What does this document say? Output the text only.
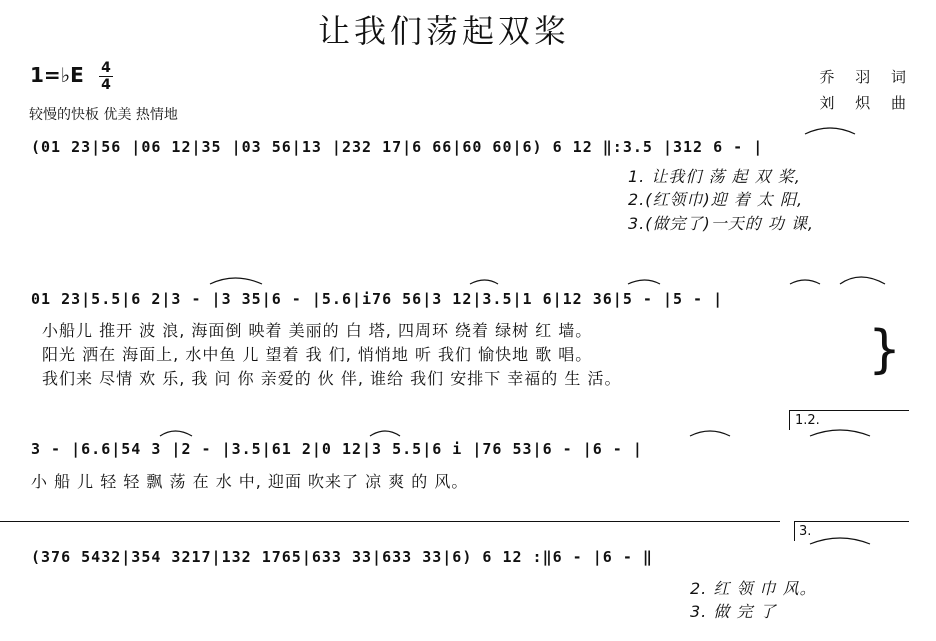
让我们荡起双桨
1=♭E 4
4	乔 羽 词
刘 炽 曲
较慢的快板 优美 热情地
(01 23|56 |06 12|35 |03 56|13 |232 17|6 66|60 60|6) 6 12 ‖:3.5 |312 6 - |
1. 让我们 荡 起 双 桨,
2.(红领巾)迎 着 太 阳,
3.(做完了)一天的 功 课,
01 23|5.5|6 2|3 - |3 35|6 - |5.6|i76 56|3 12|3.5|1 6|12 36|5 - |5 - |
小船儿 推开 波 浪, 海面倒 映着 美丽的 白 塔, 四周环 绕着 绿树 红 墙。
阳光 洒在 海面上, 水中鱼 儿 望着 我 们, 悄悄地 听 我们 愉快地 歌 唱。
我们来 尽情 欢 乐, 我 问 你 亲爱的 伙 伴, 谁给 我们 安排下 幸福的 生 活。	}
1.2.
3 - |6.6|54 3 |2 - |3.5|61 2|0 12|3 5.5|6 i |76 53|6 - |6 - |
小 船 儿 轻 轻 飘 荡 在 水 中, 迎面 吹来了 凉 爽 的 风。
3.
(376 5432|354 3217|132 1765|633 33|633 33|6) 6 12 :‖6 - |6 - ‖
2. 红 领 巾 风。
3. 做 完 了
